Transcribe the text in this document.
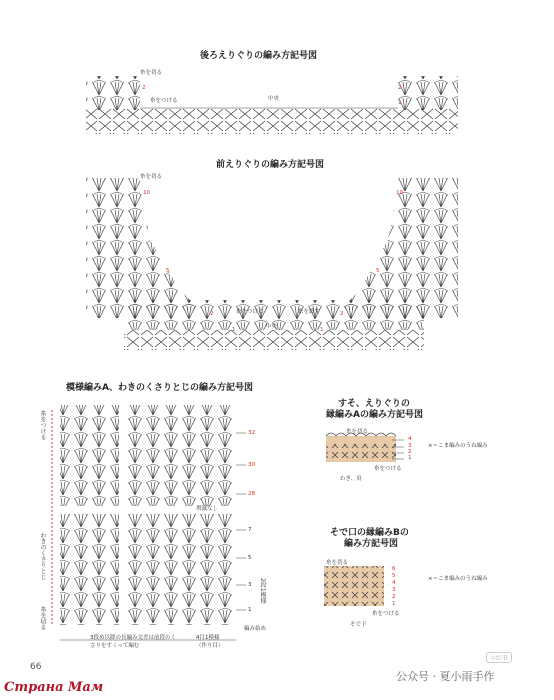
後ろえりぐりの編み方記号図
前えりぐりの編み方記号図
模様編みA、わきのくさりとじの編み方記号図
すそ、えりぐりの
縁編みAの編み方記号図
そで口の縁編みBの
編み方記号図
糸を切る
2
糸をつける	中央
2
1
糸を切る
10	10
5	5
糸をつける	糸を渡す
中央
2	2
1	1
糸をつける
わきのくさりとじ
糸を切る
32
30
28
増減なし
7
5
3
1
2段1模様
編み始め
3段め以降の長編み交差は前段のくさりをすくって編む
4目1模様（作り目）
糸を切る
4
3
2
1
糸をつける
わき、肩
×＝こま編みのうね編み
糸を切る
6
5
4
3
2
1
糸をつける
そで下
×＝こま編みのうね編み
66
小红书
公众号 · 夏小雨手作
Страна Мам
